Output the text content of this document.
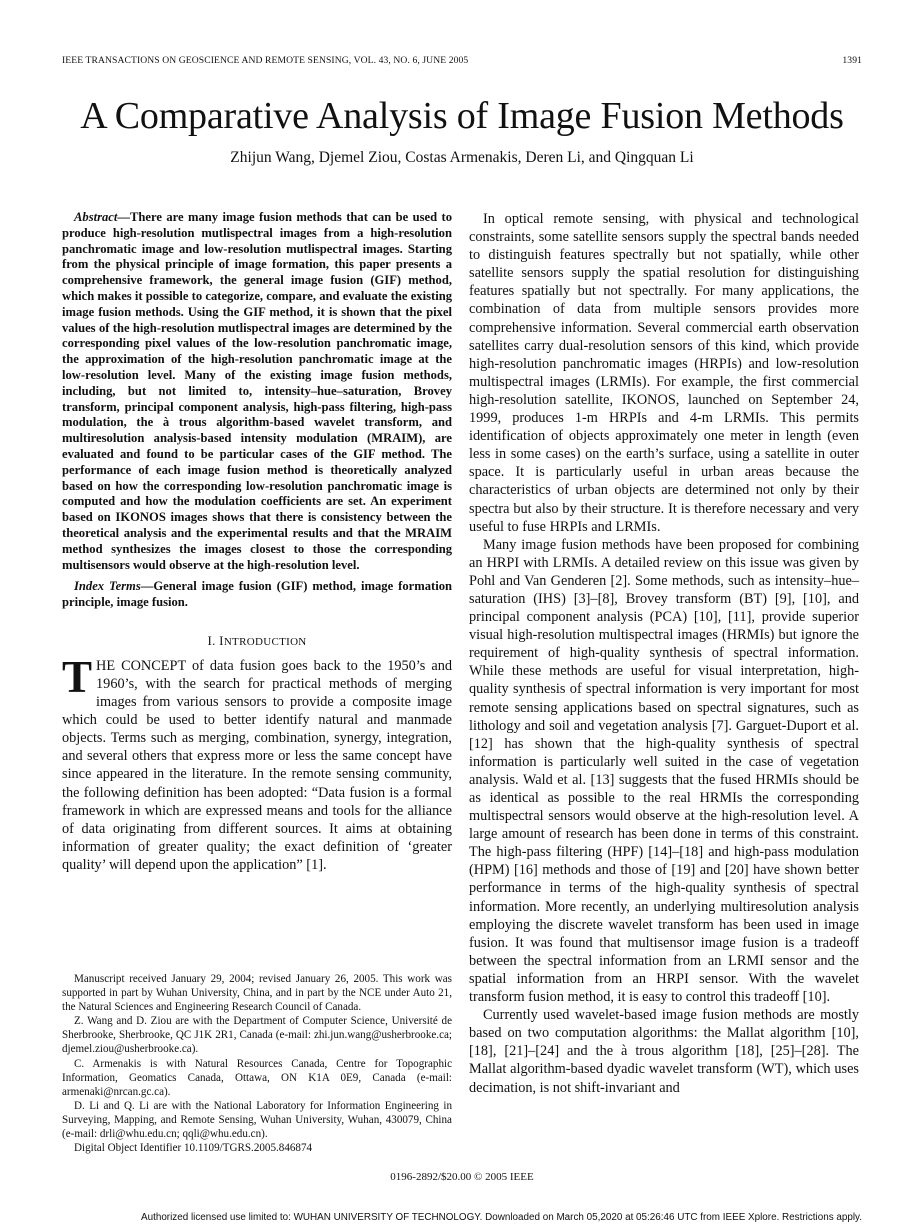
IEEE TRANSACTIONS ON GEOSCIENCE AND REMOTE SENSING, VOL. 43, NO. 6, JUNE 2005	1391
A Comparative Analysis of Image Fusion Methods
Zhijun Wang, Djemel Ziou, Costas Armenakis, Deren Li, and Qingquan Li

Abstract—There are many image fusion methods that can be used to produce high-resolution mutlispectral images from a high-resolution panchromatic image and low-resolution mutlispectral images. Starting from the physical principle of image formation, this paper presents a comprehensive framework, the general image fusion (GIF) method, which makes it possible to categorize, compare, and evaluate the existing image fusion methods. Using the GIF method, it is shown that the pixel values of the high-resolution mutlispectral images are determined by the corresponding pixel values of the low-resolution panchromatic image, the approximation of the high-resolution panchromatic image at the low-resolution level. Many of the existing image fusion methods, including, but not limited to, intensity–hue–saturation, Brovey transform, principal component analysis, high-pass filtering, high-pass modulation, the à trous algorithm-based wavelet transform, and multiresolution analysis-based intensity modulation (MRAIM), are evaluated and found to be particular cases of the GIF method. The performance of each image fusion method is theoretically analyzed based on how the corresponding low-resolution panchromatic image is computed and how the modulation coefficients are set. An experiment based on IKONOS images shows that there is consistency between the theoretical analysis and the experimental results and that the MRAIM method synthesizes the images closest to those the corresponding multisensors would observe at the high-resolution level.

Index Terms—General image fusion (GIF) method, image formation principle, image fusion.

I. INTRODUCTION

THE CONCEPT of data fusion goes back to the 1950’s and 1960’s, with the search for practical methods of merging images from various sensors to provide a composite image which could be used to better identify natural and manmade objects. Terms such as merging, combination, synergy, integration, and several others that express more or less the same concept have since appeared in the literature. In the remote sensing community, the following definition has been adopted: “Data fusion is a formal framework in which are expressed means and tools for the alliance of data originating from different sources. It aims at obtaining information of greater quality; the exact definition of ‘greater quality’ will depend upon the application” [1].

Manuscript received January 29, 2004; revised January 26, 2005. This work was supported in part by Wuhan University, China, and in part by the NCE under Auto 21, the Natural Sciences and Engineering Research Council of Canada.

Z. Wang and D. Ziou are with the Department of Computer Science, Université de Sherbrooke, Sherbrooke, QC J1K 2R1, Canada (e-mail: zhi.jun.wang@usherbrooke.ca; djemel.ziou@usherbrooke.ca).

C. Armenakis is with Natural Resources Canada, Centre for Topographic Information, Geomatics Canada, Ottawa, ON K1A 0E9, Canada (e-mail: armenaki@nrcan.gc.ca).

D. Li and Q. Li are with the National Laboratory for Information Engineering in Surveying, Mapping, and Remote Sensing, Wuhan University, Wuhan, 430079, China (e-mail: drli@whu.edu.cn; qqli@whu.edu.cn).

Digital Object Identifier 10.1109/TGRS.2005.846874

In optical remote sensing, with physical and technological constraints, some satellite sensors supply the spectral bands needed to distinguish features spectrally but not spatially, while other satellite sensors supply the spatial resolution for distinguishing features spatially but not spectrally. For many applications, the combination of data from multiple sensors provides more comprehensive information. Several commercial earth observation satellites carry dual-resolution sensors of this kind, which provide high-resolution panchromatic images (HRPIs) and low-resolution multispectral images (LRMIs). For example, the first commercial high-resolution satellite, IKONOS, launched on September 24, 1999, produces 1-m HRPIs and 4-m LRMIs. This permits identification of objects approximately one meter in length (even less in some cases) on the earth’s surface, using a satellite in outer space. It is particularly useful in urban areas because the characteristics of urban objects are determined not only by their spectra but also by their structure. It is therefore necessary and very useful to fuse HRPIs and LRMIs.

Many image fusion methods have been proposed for combining an HRPI with LRMIs. A detailed review on this issue was given by Pohl and Van Genderen [2]. Some methods, such as intensity–hue–saturation (IHS) [3]–[8], Brovey transform (BT) [9], [10], and principal component analysis (PCA) [10], [11], provide superior visual high-resolution multispectral images (HRMIs) but ignore the requirement of high-quality synthesis of spectral information. While these methods are useful for visual interpretation, high-quality synthesis of spectral information is very important for most remote sensing applications based on spectral signatures, such as lithology and soil and vegetation analysis [7]. Garguet-Duport et al. [12] has shown that the high-quality synthesis of spectral information is particularly well suited in the case of vegetation analysis. Wald et al. [13] suggests that the fused HRMIs should be as identical as possible to the real HRMIs the corresponding multispectral sensors would observe at the high-resolution level. A large amount of research has been done in terms of this constraint. The high-pass filtering (HPF) [14]–[18] and high-pass modulation (HPM) [16] methods and those of [19] and [20] have shown better performance in terms of the high-quality synthesis of spectral information. More recently, an underlying multiresolution analysis employing the discrete wavelet transform has been used in image fusion. It was found that multisensor image fusion is a tradeoff between the spectral information from an LRMI sensor and the spatial information from an HRPI sensor. With the wavelet transform fusion method, it is easy to control this tradeoff [10].

Currently used wavelet-based image fusion methods are mostly based on two computation algorithms: the Mallat algorithm [10], [18], [21]–[24] and the à trous algorithm [18], [25]–[28]. The Mallat algorithm-based dyadic wavelet transform (WT), which uses decimation, is not shift-invariant and

0196-2892/$20.00 © 2005 IEEE
Authorized licensed use limited to: WUHAN UNIVERSITY OF TECHNOLOGY. Downloaded on March 05,2020 at 05:26:46 UTC from IEEE Xplore. Restrictions apply.
